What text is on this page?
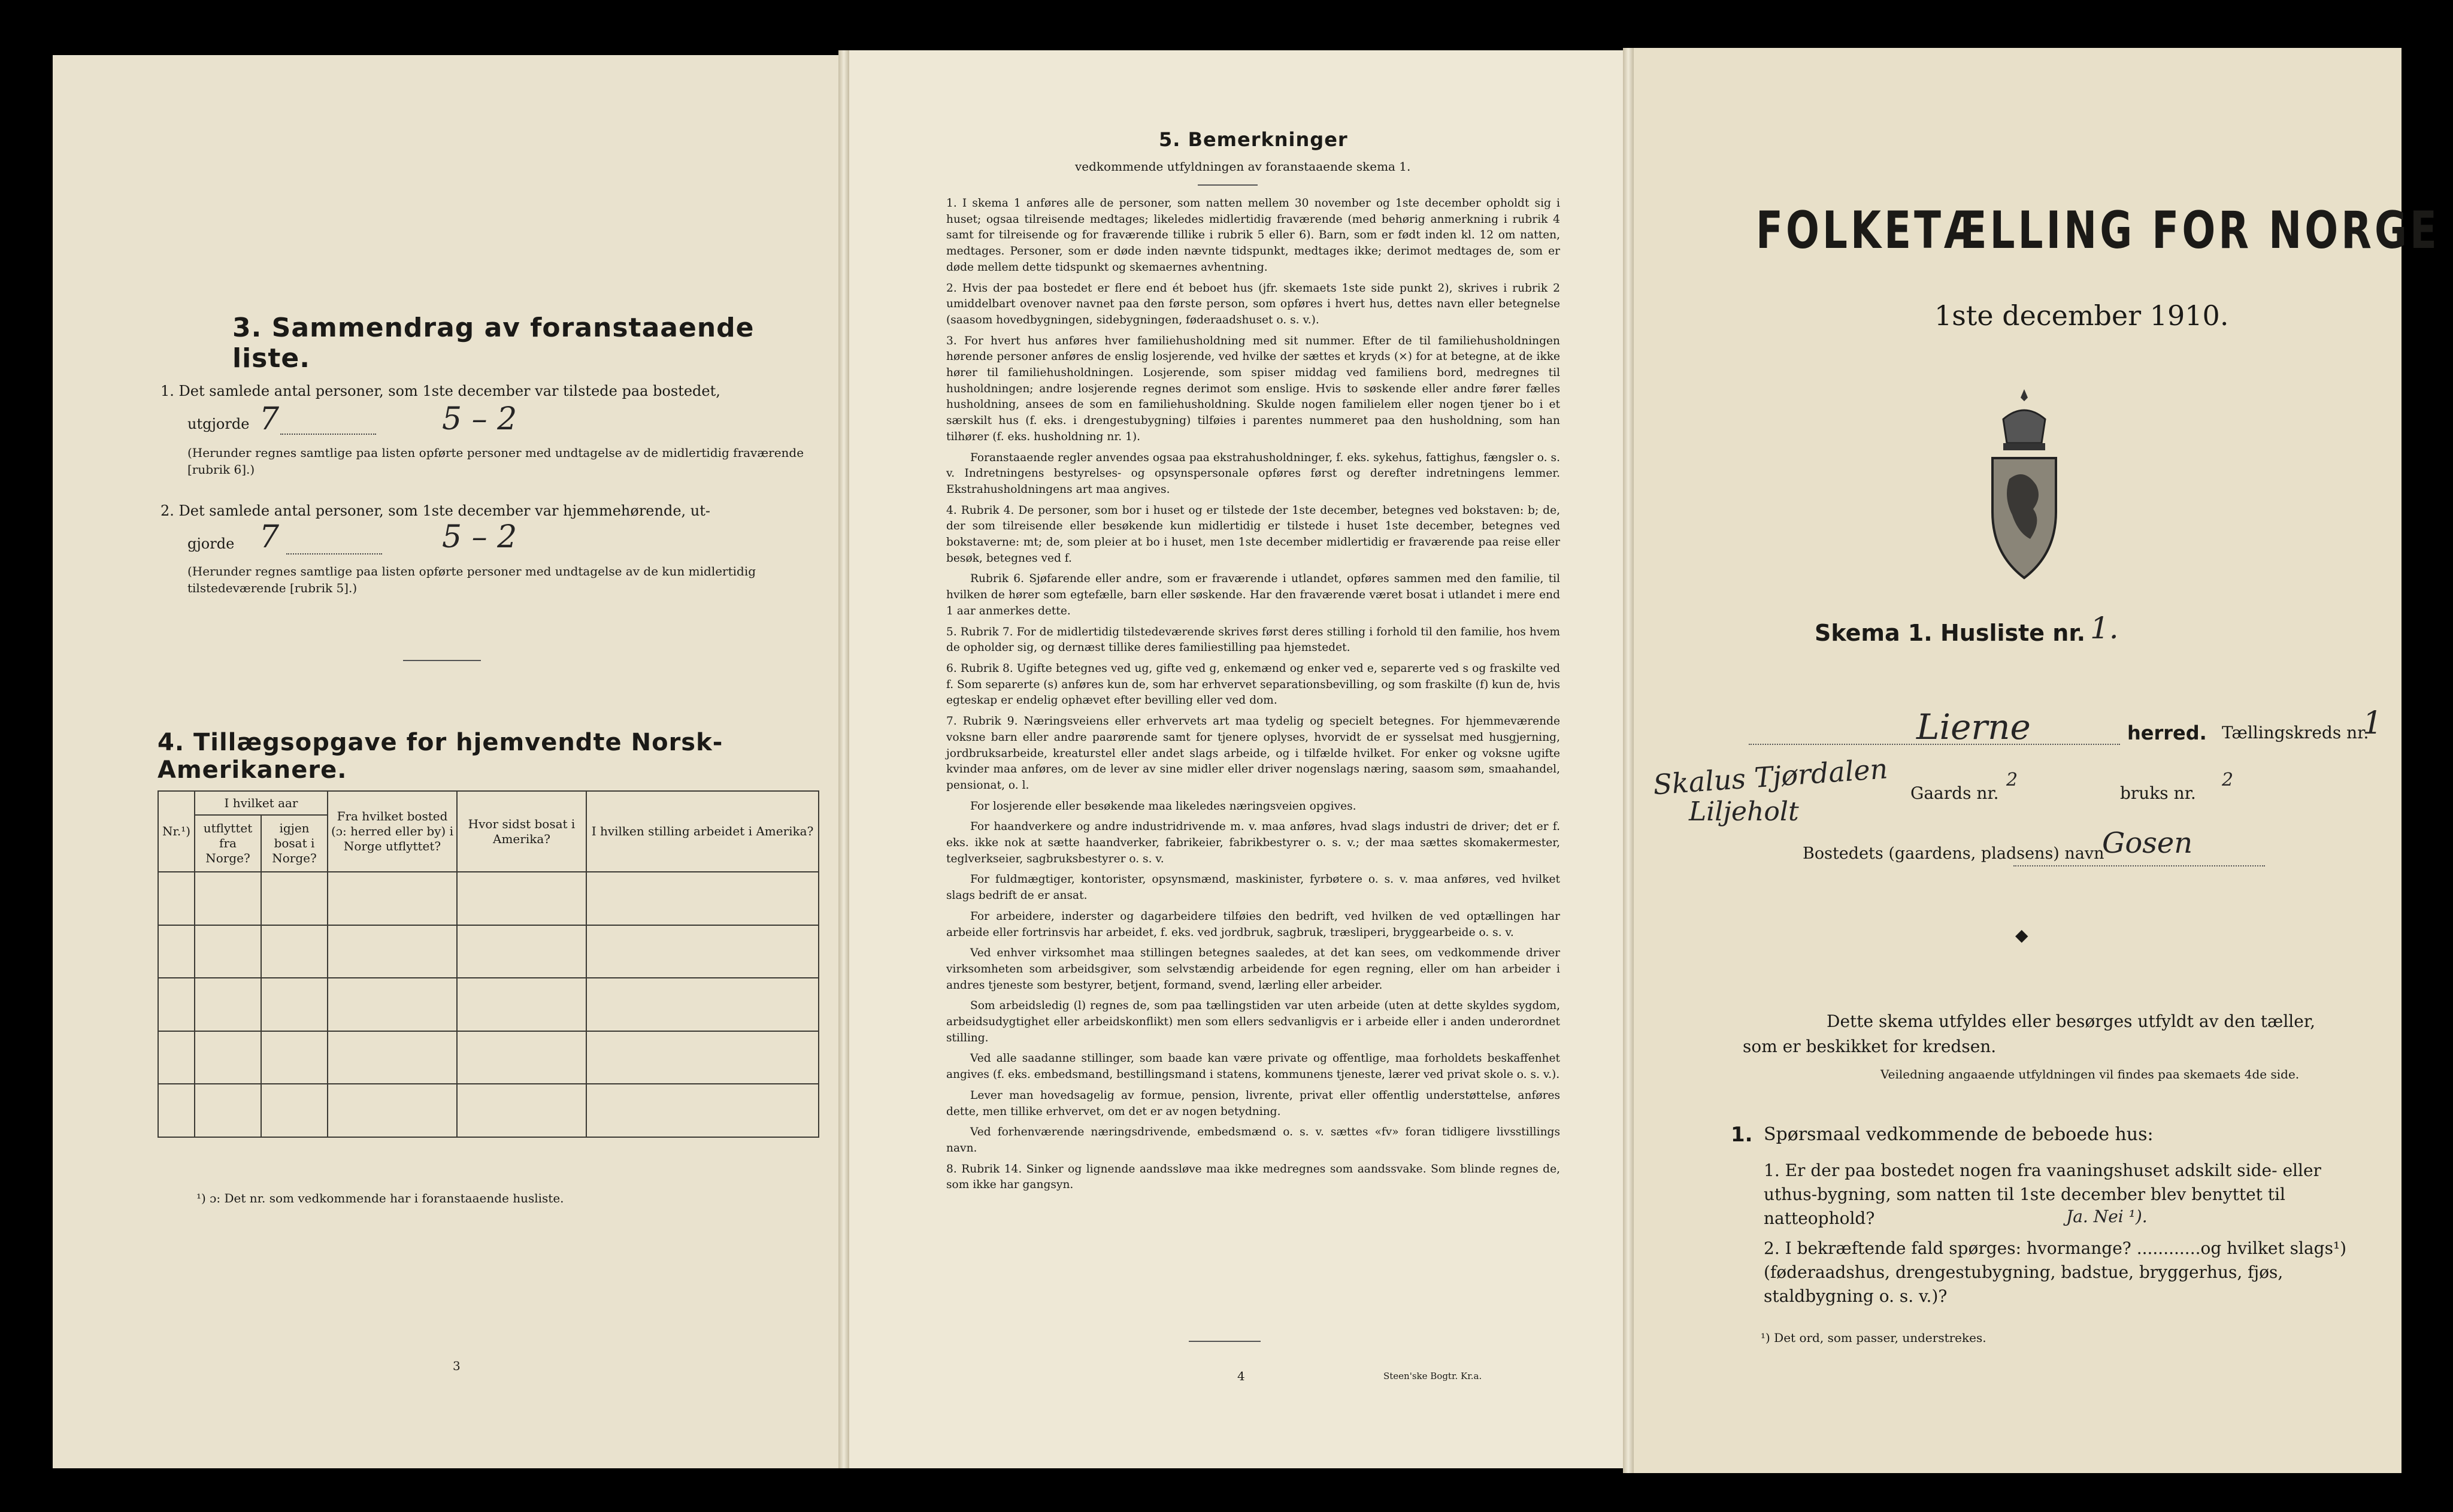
3. Sammendrag av foranstaaende liste.
1. Det samlede antal personer, som 1ste december var tilstede paa bostedet,
utgjorde 7	5 – 2
(Herunder regnes samtlige paa listen opførte personer med undtagelse av de midlertidig fraværende [rubrik 6].)
2. Det samlede antal personer, som 1ste december var hjemmehørende, ut-
gjorde 7	5 – 2
(Herunder regnes samtlige paa listen opførte personer med undtagelse av de kun midlertidig tilstedeværende [rubrik 5].)
4. Tillægsopgave for hjemvendte Norsk-Amerikanere.
Nr.¹)	I hvilket aar		Fra hvilket bosted (ɔ: herred eller by) i Norge utflyttet?	Hvor sidst bosat i Amerika?	I hvilken stilling arbeidet i Amerika?
	utflyttet fra Norge?	igjen bosat i Norge?			

¹) ɔ: Det nr. som vedkommende har i foranstaaende husliste.
3
5. Bemerkninger
vedkommende utfyldningen av foranstaaende skema 1.

1. I skema 1 anføres alle de personer, som natten mellem 30 november og 1ste december opholdt sig i huset; ogsaa tilreisende medtages; likeledes midlertidig fraværende (med behørig anmerkning i rubrik 4 samt for tilreisende og for fraværende tillike i rubrik 5 eller 6). Barn, som er født inden kl. 12 om natten, medtages. Personer, som er døde inden nævnte tidspunkt, medtages ikke; derimot medtages de, som er døde mellem dette tidspunkt og skemaernes avhentning.

2. Hvis der paa bostedet er flere end ét beboet hus (jfr. skemaets 1ste side punkt 2), skrives i rubrik 2 umiddelbart ovenover navnet paa den første person, som opføres i hvert hus, dettes navn eller betegnelse (saasom hovedbygningen, sidebygningen, føderaadshuset o. s. v.).

3. For hvert hus anføres hver familiehusholdning med sit nummer. Efter de til familiehusholdningen hørende personer anføres de enslig losjerende, ved hvilke der sættes et kryds (×) for at betegne, at de ikke hører til familiehusholdningen. Losjerende, som spiser middag ved familiens bord, medregnes til husholdningen; andre losjerende regnes derimot som enslige. Hvis to søskende eller andre fører fælles husholdning, ansees de som en familiehusholdning. Skulde nogen familielem eller nogen tjener bo i et særskilt hus (f. eks. i drengestubygning) tilføies i parentes nummeret paa den husholdning, som han tilhører (f. eks. husholdning nr. 1).

Foranstaaende regler anvendes ogsaa paa ekstrahusholdninger, f. eks. sykehus, fattighus, fængsler o. s. v. Indretningens bestyrelses- og opsynspersonale opføres først og derefter indretningens lemmer. Ekstrahusholdningens art maa angives.

4. Rubrik 4. De personer, som bor i huset og er tilstede der 1ste december, betegnes ved bokstaven: b; de, der som tilreisende eller besøkende kun midlertidig er tilstede i huset 1ste december, betegnes ved bokstaverne: mt; de, som pleier at bo i huset, men 1ste december midlertidig er fraværende paa reise eller besøk, betegnes ved f.

Rubrik 6. Sjøfarende eller andre, som er fraværende i utlandet, opføres sammen med den familie, til hvilken de hører som egtefælle, barn eller søskende. Har den fraværende været bosat i utlandet i mere end 1 aar anmerkes dette.

5. Rubrik 7. For de midlertidig tilstedeværende skrives først deres stilling i forhold til den familie, hos hvem de opholder sig, og dernæst tillike deres familiestilling paa hjemstedet.

6. Rubrik 8. Ugifte betegnes ved ug, gifte ved g, enkemænd og enker ved e, separerte ved s og fraskilte ved f. Som separerte (s) anføres kun de, som har erhvervet separationsbevilling, og som fraskilte (f) kun de, hvis egteskap er endelig ophævet efter bevilling eller ved dom.

7. Rubrik 9. Næringsveiens eller erhvervets art maa tydelig og specielt betegnes. For hjemmeværende voksne barn eller andre paarørende samt for tjenere oplyses, hvorvidt de er sysselsat med husgjerning, jordbruksarbeide, kreaturstel eller andet slags arbeide, og i tilfælde hvilket. For enker og voksne ugifte kvinder maa anføres, om de lever av sine midler eller driver nogenslags næring, saasom søm, smaahandel, pensionat, o. l.

For losjerende eller besøkende maa likeledes næringsveien opgives.

For haandverkere og andre industridrivende m. v. maa anføres, hvad slags industri de driver; det er f. eks. ikke nok at sætte haandverker, fabrikeier, fabrikbestyrer o. s. v.; der maa sættes skomakermester, teglverkseier, sagbruksbestyrer o. s. v.

For fuldmægtiger, kontorister, opsynsmænd, maskinister, fyrbøtere o. s. v. maa anføres, ved hvilket slags bedrift de er ansat.

For arbeidere, inderster og dagarbeidere tilføies den bedrift, ved hvilken de ved optællingen har arbeide eller fortrinsvis har arbeidet, f. eks. ved jordbruk, sagbruk, træsliperi, bryggearbeide o. s. v.

Ved enhver virksomhet maa stillingen betegnes saaledes, at det kan sees, om vedkommende driver virksomheten som arbeidsgiver, som selvstændig arbeidende for egen regning, eller om han arbeider i andres tjeneste som bestyrer, betjent, formand, svend, lærling eller arbeider.

Som arbeidsledig (l) regnes de, som paa tællingstiden var uten arbeide (uten at dette skyldes sygdom, arbeidsudygtighet eller arbeidskonflikt) men som ellers sedvanligvis er i arbeide eller i anden underordnet stilling.

Ved alle saadanne stillinger, som baade kan være private og offentlige, maa forholdets beskaffenhet angives (f. eks. embedsmand, bestillingsmand i statens, kommunens tjeneste, lærer ved privat skole o. s. v.).

Lever man hovedsagelig av formue, pension, livrente, privat eller offentlig understøttelse, anføres dette, men tillike erhvervet, om det er av nogen betydning.

Ved forhenværende næringsdrivende, embedsmænd o. s. v. sættes «fv» foran tidligere livsstillings navn.

8. Rubrik 14. Sinker og lignende aandssløve maa ikke medregnes som aandssvake. Som blinde regnes de, som ikke har gangsyn.

4	Steen'ske Bogtr. Kr.a.
FOLKETÆLLING FOR NORGE
1ste december 1910.
Skema 1. Husliste nr. 1.
Lierne	herred. Tællingskreds nr.
1
Skalus Tjørdalen
Liljeholt
Gaards nr.
2
bruks nr.
2
Bostedets (gaardens, pladsens) navn
Gosen
◆
Dette skema utfyldes eller besørges utfyldt av den tæller, som er beskikket for kredsen.
Veiledning angaaende utfyldningen vil findes paa skemaets 4de side.
1. Spørsmaal vedkommende de beboede hus:
1. Er der paa bostedet nogen fra vaaningshuset adskilt side- eller uthus-bygning, som natten til 1ste december blev benyttet til natteophold?	Ja. Nei ¹).
2. I bekræftende fald spørges: hvormange? ............og hvilket slags¹) (føderaadshus, drengestubygning, badstue, bryggerhus, fjøs, staldbygning o. s. v.)?
¹) Det ord, som passer, understrekes.
